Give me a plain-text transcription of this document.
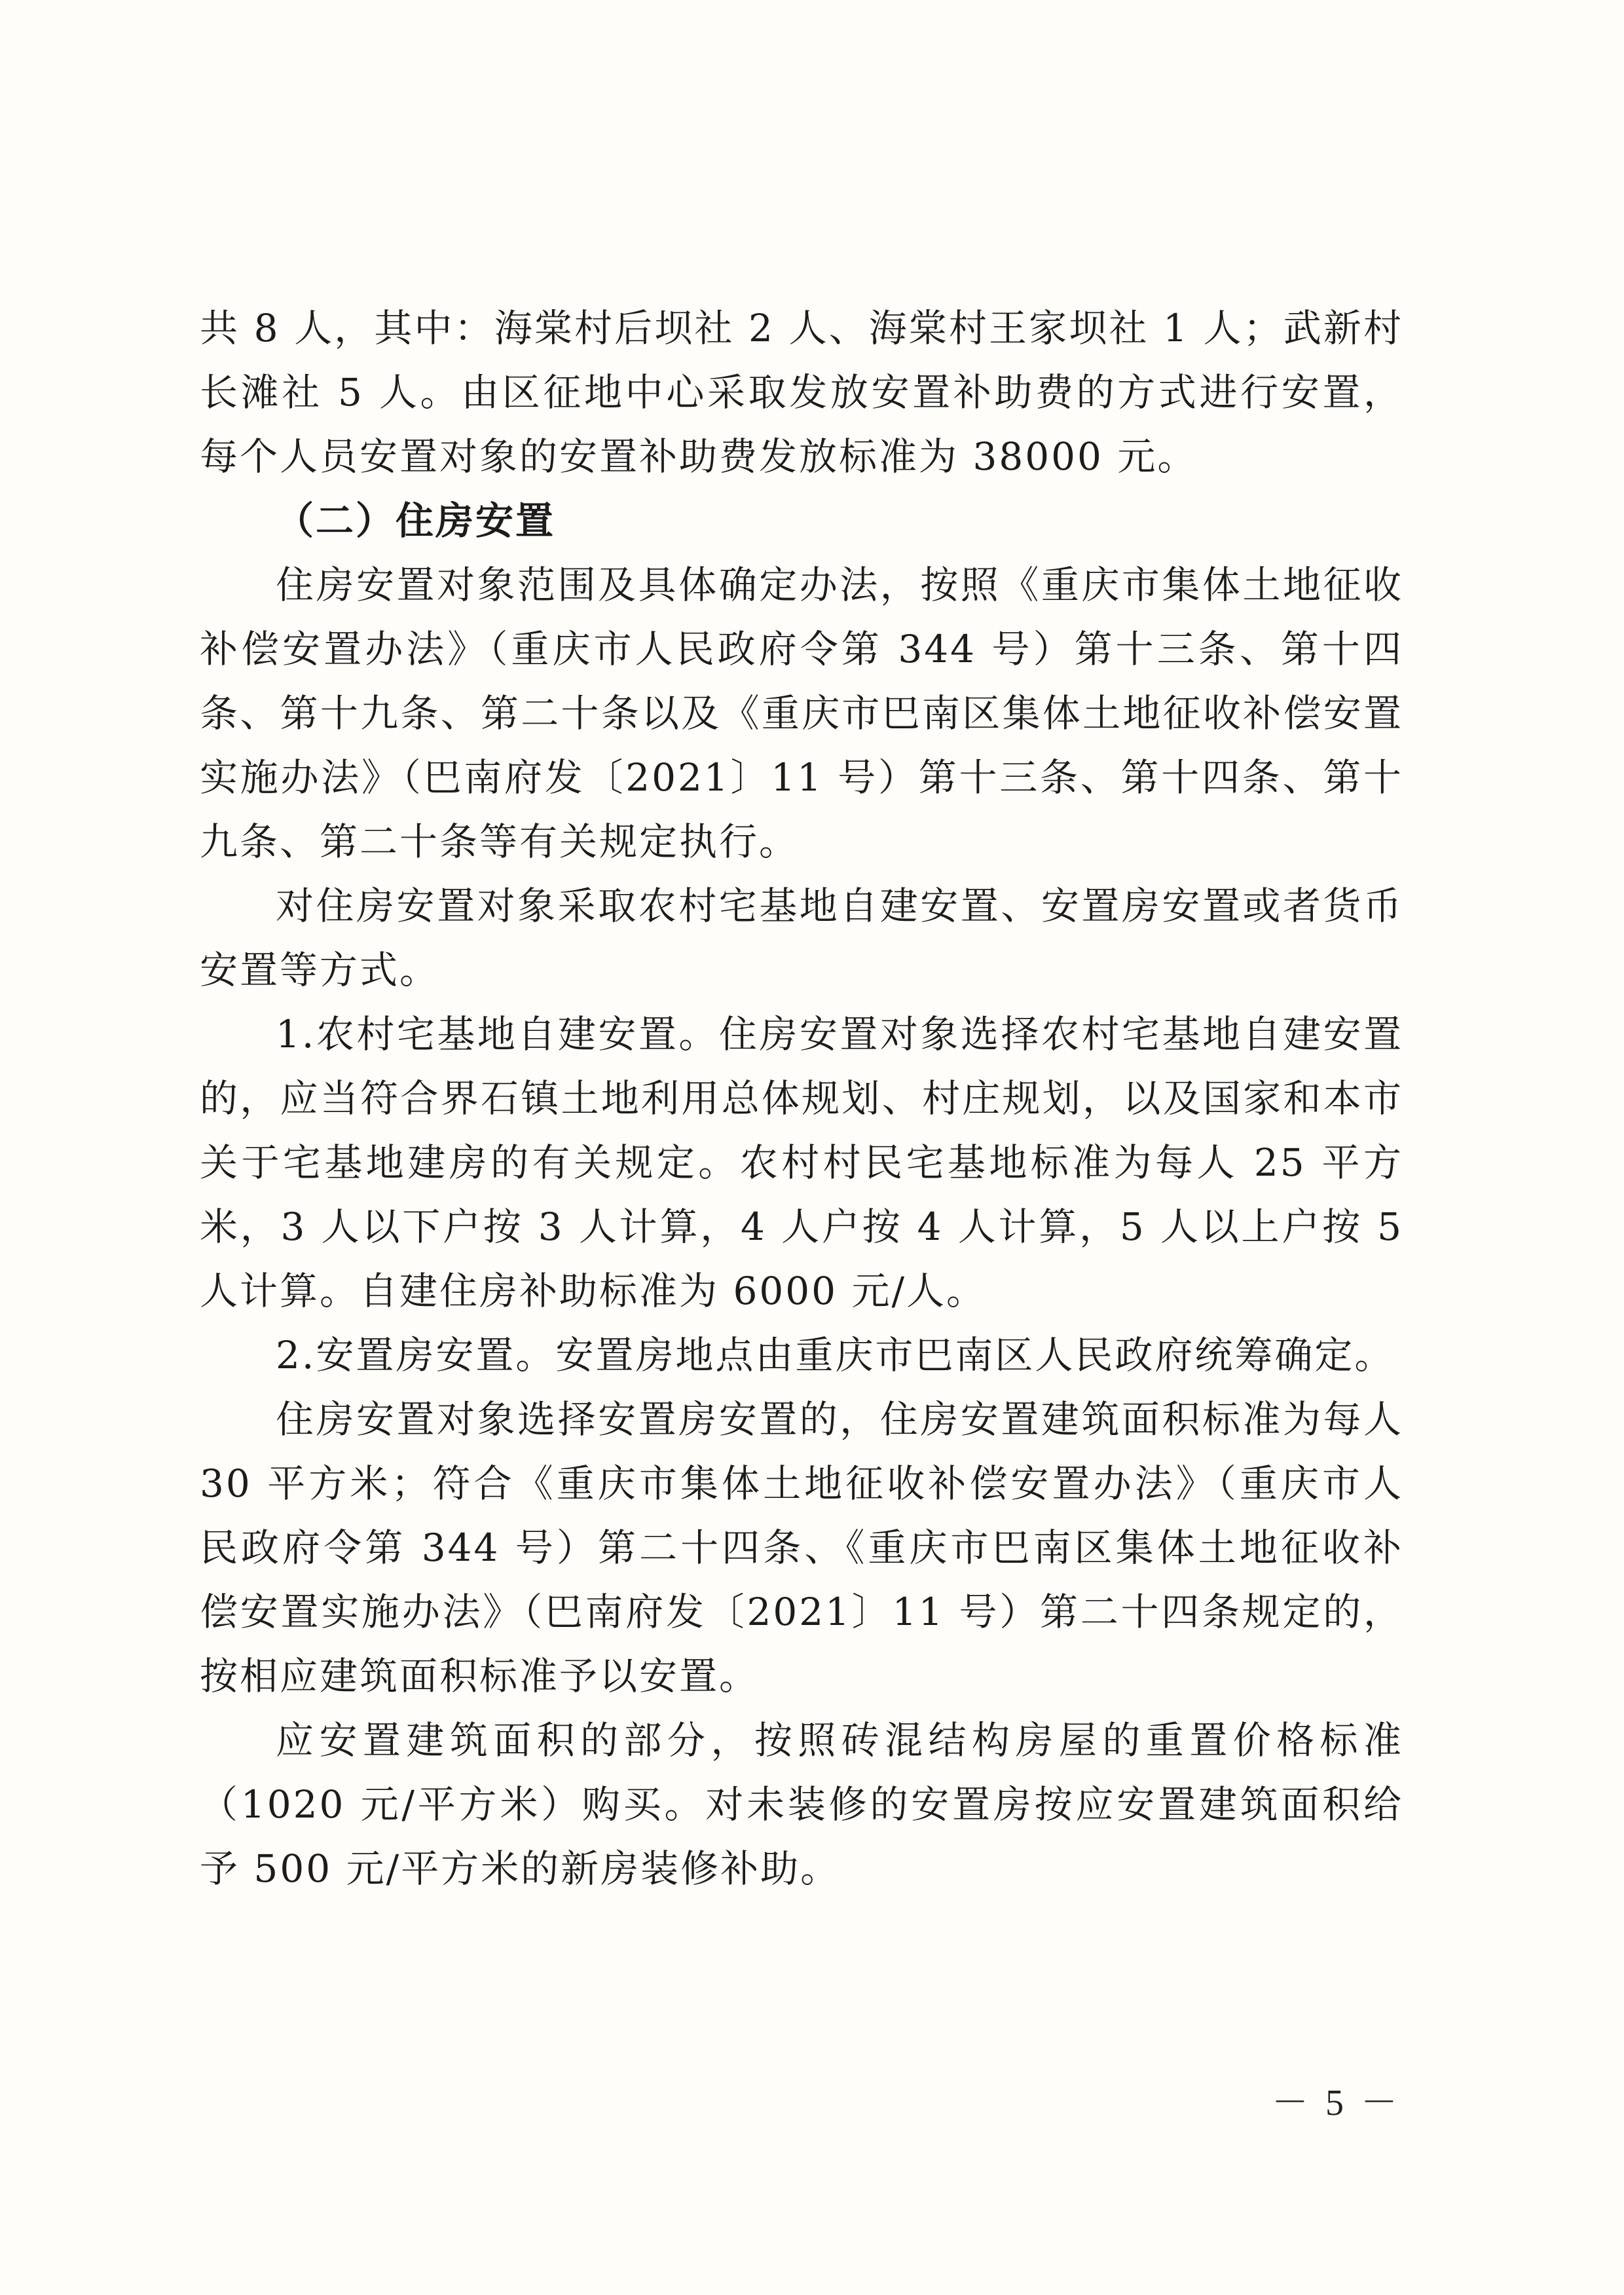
共 8 人，其中：海棠村后坝社 2 人、海棠村王家坝社 1 人；武新村长滩社 5 人。由区征地中心采取发放安置补助费的方式进行安置，每个人员安置对象的安置补助费发放标准为 38000 元。

（二）住房安置

住房安置对象范围及具体确定办法，按照《重庆市集体土地征收补偿安置办法》（重庆市人民政府令第 344 号）第十三条、第十四条、第十九条、第二十条以及《重庆市巴南区集体土地征收补偿安置实施办法》（巴南府发〔2021〕11 号）第十三条、第十四条、第十九条、第二十条等有关规定执行。

对住房安置对象采取农村宅基地自建安置、安置房安置或者货币安置等方式。

1.农村宅基地自建安置。住房安置对象选择农村宅基地自建安置的，应当符合界石镇土地利用总体规划、村庄规划，以及国家和本市关于宅基地建房的有关规定。农村村民宅基地标准为每人 25 平方米，3 人以下户按 3 人计算，4 人户按 4 人计算，5 人以上户按 5 人计算。自建住房补助标准为 6000 元/人。

2.安置房安置。安置房地点由重庆市巴南区人民政府统筹确定。

住房安置对象选择安置房安置的，住房安置建筑面积标准为每人 30 平方米；符合《重庆市集体土地征收补偿安置办法》（重庆市人民政府令第 344 号）第二十四条、《重庆市巴南区集体土地征收补偿安置实施办法》（巴南府发〔2021〕11 号）第二十四条规定的，按相应建筑面积标准予以安置。

应安置建筑面积的部分，按照砖混结构房屋的重置价格标准（1020 元/平方米）购买。对未装修的安置房按应安置建筑面积给予 500 元/平方米的新房装修补助。

－ 5 －
